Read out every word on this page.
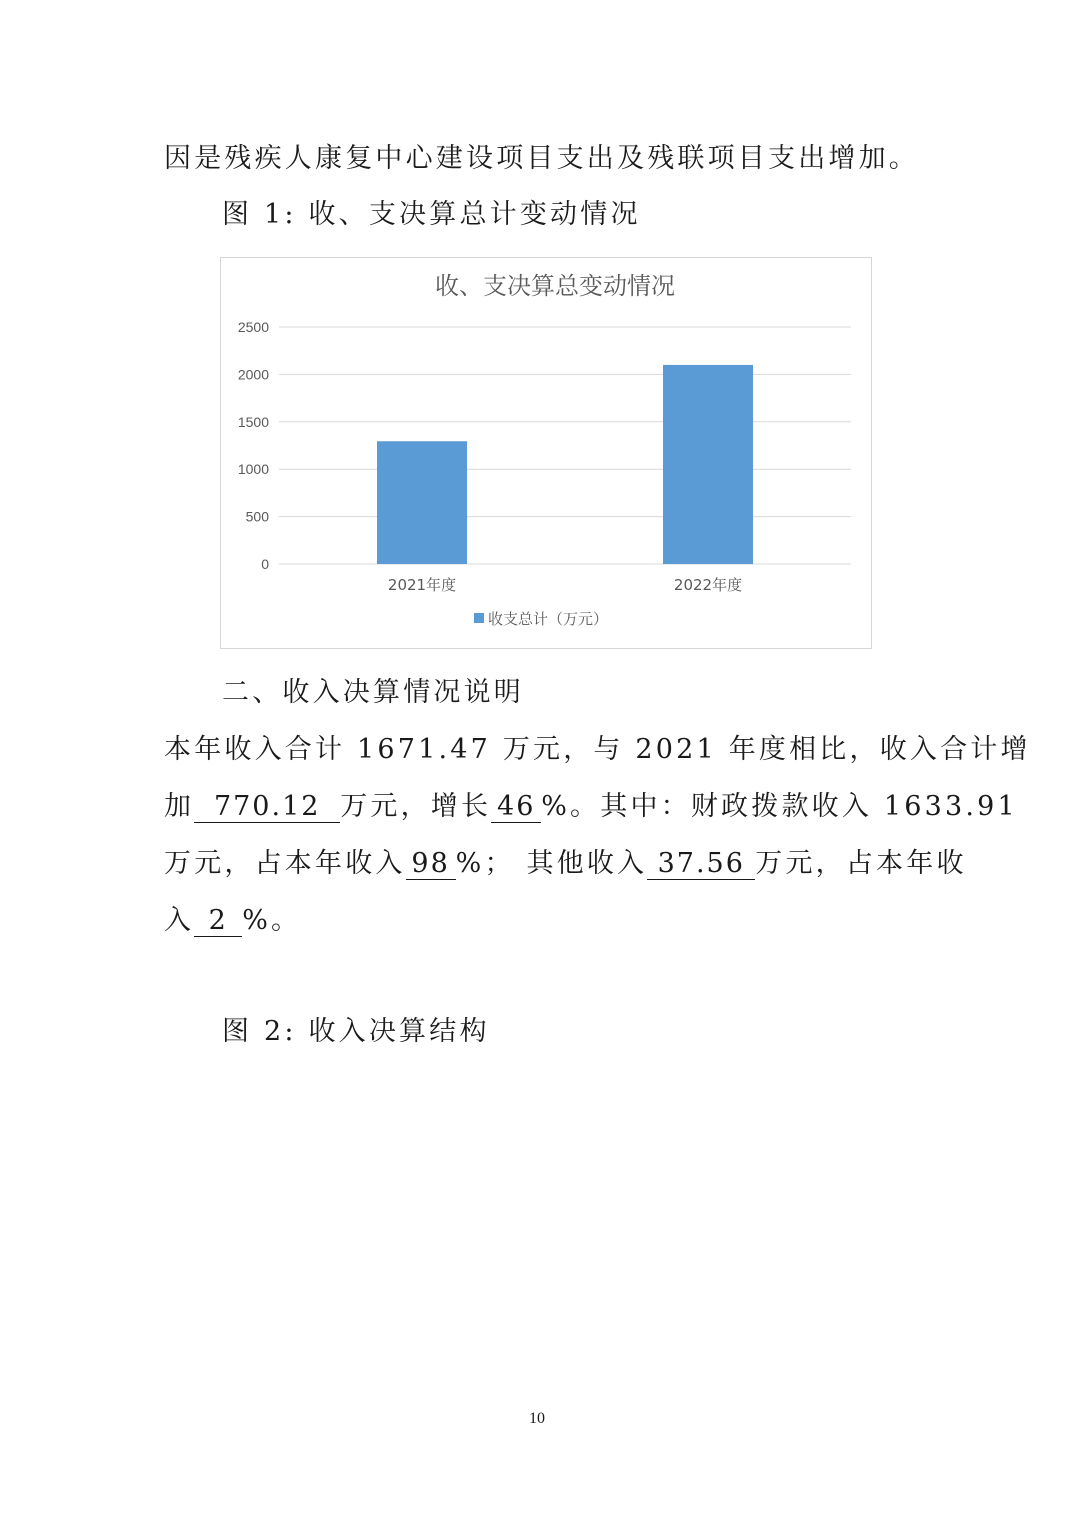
因是残疾人康复中心建设项目支出及残联项目支出增加。
图 1: 收、支决算总计变动情况
收、支决算总变动情况
0
500
1000
1500
2000
2500
2021年度	2022年度
收支总计（万元）
二、收入决算情况说明
本年收入合计 1671.47 万元，与 2021 年度相比，收入合计增
加 770.12 万元，增长 46 %。其中：财政拨款收入 1633.91
万元，占本年收入 98 %； 其他收入 37.56 万元，占本年收
入 2 %。
图 2: 收入决算结构
10
